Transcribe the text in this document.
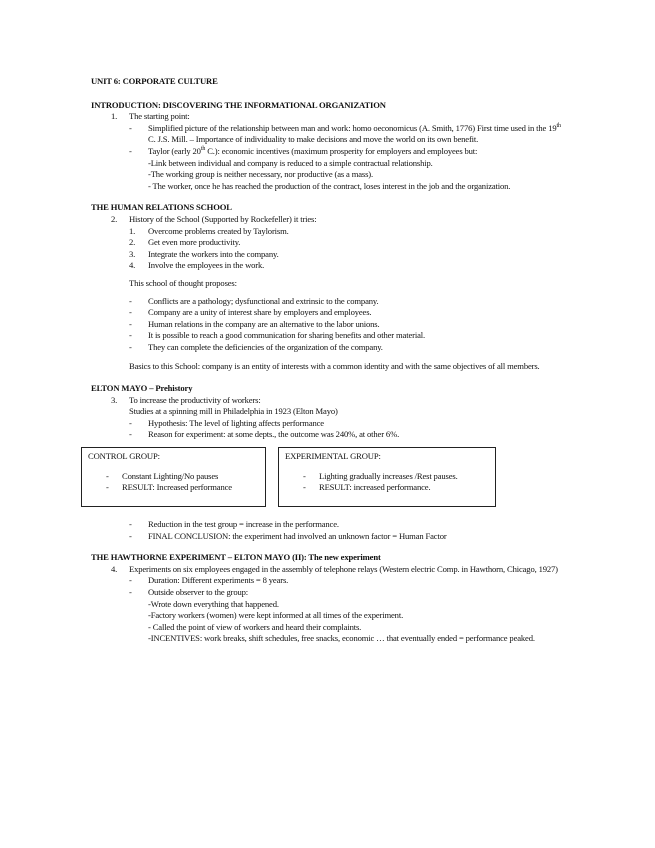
UNIT 6: CORPORATE CULTURE
INTRODUCTION: DISCOVERING THE INFORMATIONAL ORGANIZATION
1. The starting point:
- Simplified picture of the relationship between man and work: homo oeconomicus (A. Smith, 1776) First time used in the 19th C. J.S. Mill. – Importance of individuality to make decisions and move the world on its own benefit.
- Taylor (early 20th C.): economic incentives (maximum prosperity for employers and employees but:
-Link between individual and company is reduced to a simple contractual relationship.
-The working group is neither necessary, nor productive (as a mass).
- The worker, once he has reached the production of the contract, loses interest in the job and the organization.
THE HUMAN RELATIONS SCHOOL
2. History of the School (Supported by Rockefeller) it tries:
1. Overcome problems created by Taylorism.
2. Get even more productivity.
3. Integrate the workers into the company.
4. Involve the employees in the work.
This school of thought proposes:
- Conflicts are a pathology; dysfunctional and extrinsic to the company.
- Company are a unity of interest share by employers and employees.
- Human relations in the company are an alternative to the labor unions.
- It is possible to reach a good communication for sharing benefits and other material.
- They can complete the deficiencies of the organization of the company.
Basics to this School: company is an entity of interests with a common identity and with the same objectives of all members.
ELTON MAYO – Prehistory
3. To increase the productivity of workers:
Studies at a spinning mill in Philadelphia in 1923 (Elton Mayo)
- Hypothesis: The level of lighting affects performance
- Reason for experiment: at some depts., the outcome was 240%, at other 6%.
CONTROL GROUP:
- Constant Lighting/No pauses
- RESULT: Increased performance
EXPERIMENTAL GROUP:
- Lighting gradually increases /Rest pauses.
- RESULT: increased performance.
- Reduction in the test group = increase in the performance.
- FINAL CONCLUSION: the experiment had involved an unknown factor = Human Factor
THE HAWTHORNE EXPERIMENT – ELTON MAYO (II): The new experiment
4. Experiments on six employees engaged in the assembly of telephone relays (Western electric Comp. in Hawthorn, Chicago, 1927)
- Duration: Different experiments = 8 years.
- Outside observer to the group:
-Wrote down everything that happened.
-Factory workers (women) were kept informed at all times of the experiment.
- Called the point of view of workers and heard their complaints.
-INCENTIVES: work breaks, shift schedules, free snacks, economic … that eventually ended = performance peaked.
